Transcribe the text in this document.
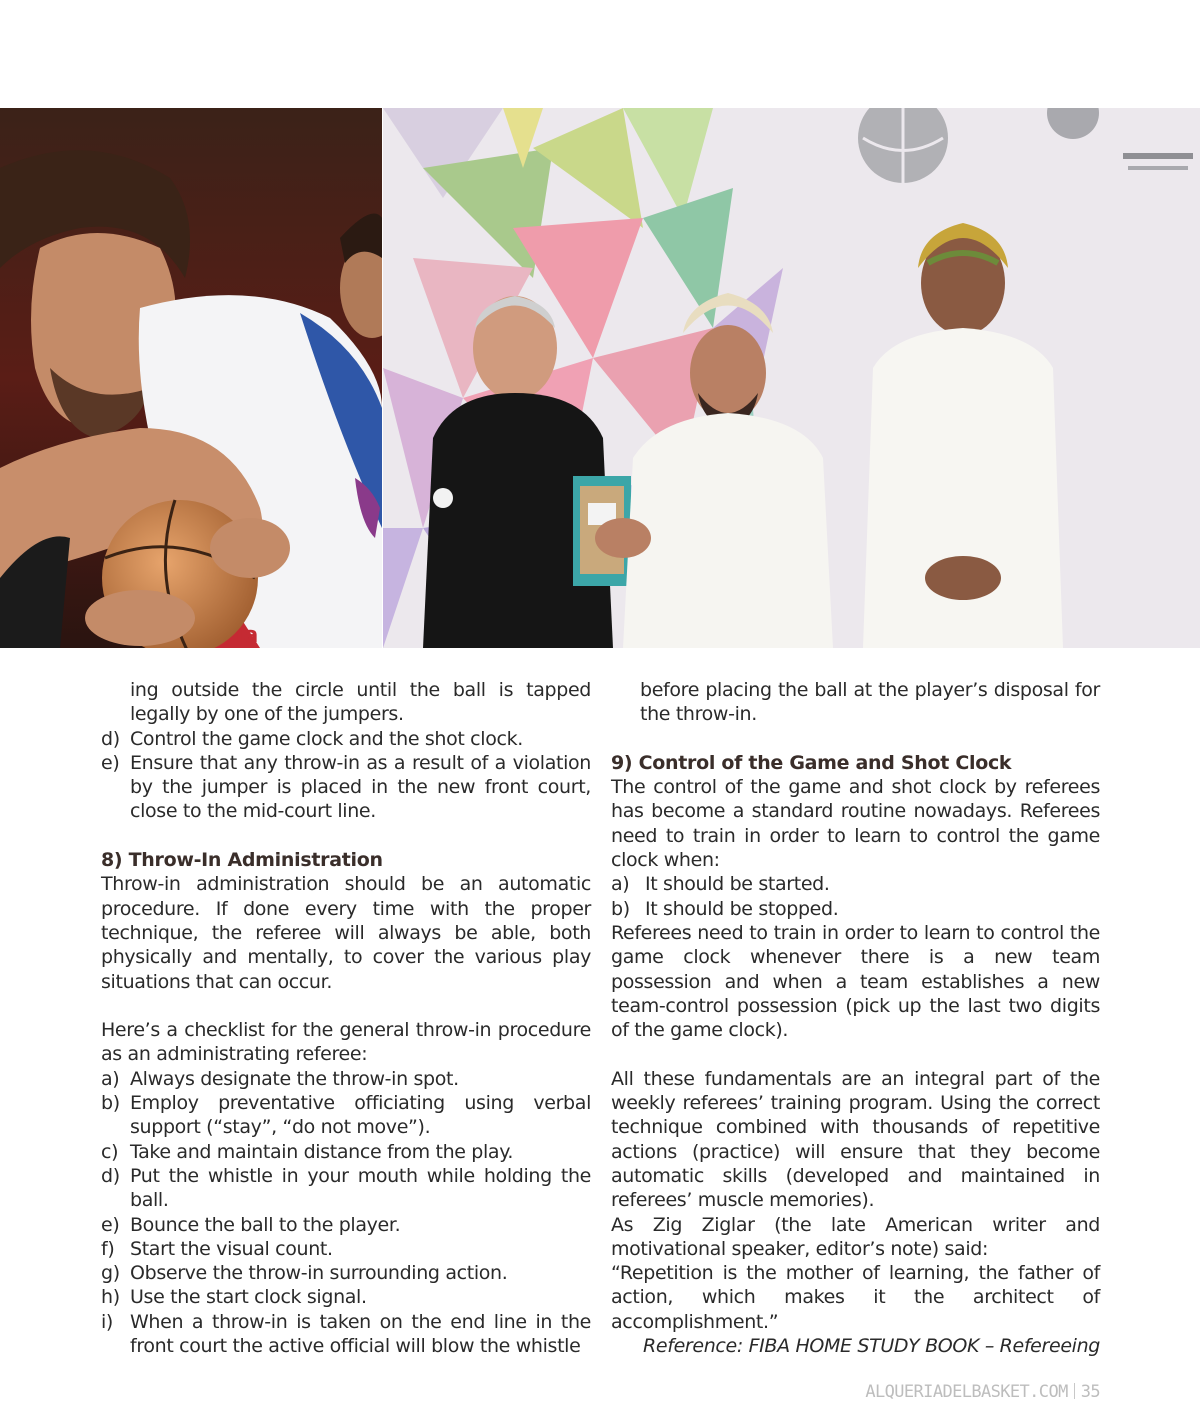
ia

ing outside the circle until the ball is tapped legally by one of the jumpers.

d) Control the game clock and the shot clock.
e) Ensure that any throw-in as a result of a violation by the jumper is placed in the new front court, close to the mid-court line.

8) Throw-In Administration

Throw-in administration should be an automatic procedure. If done every time with the proper technique, the referee will always be able, both physically and mentally, to cover the various play situations that can occur.

Here’s a checklist for the general throw-in procedure as an administrating referee:

a) Always designate the throw-in spot.
b) Employ preventative officiating using verbal support (“stay”, “do not move”).
c) Take and maintain distance from the play.
d) Put the whistle in your mouth while holding the ball.
e) Bounce the ball to the player.
f) Start the visual count.
g) Observe the throw-in surrounding action.
h) Use the start clock signal.
i) When a throw-in is taken on the end line in the front court the active official will blow the whistle

before placing the ball at the player’s disposal for the throw-in.

9) Control of the Game and Shot Clock

The control of the game and shot clock by referees has become a standard routine nowadays. Referees need to train in order to learn to control the game clock when:

a) It should be started.
b) It should be stopped.

Referees need to train in order to learn to control the game clock whenever there is a new team possession and when a team establishes a new team-control possession (pick up the last two digits of the game clock).

All these fundamentals are an integral part of the weekly referees’ training program. Using the correct technique combined with thousands of repetitive actions (practice) will ensure that they become automatic skills (developed and maintained in referees’ muscle memories).

As Zig Ziglar (the late American writer and motivational speaker, editor’s note) said:

“Repetition is the mother of learning, the father of action, which makes it the architect of accomplishment.”

Reference: FIBA HOME STUDY BOOK – Refereeing

ALQUERIADELBASKET.COM 35
